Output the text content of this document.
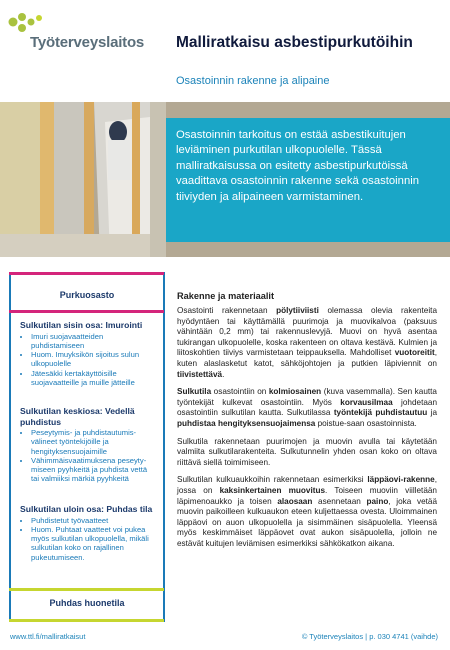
Työterveyslaitos Malliratkaisu asbestipurkutöihin
Osastoinnin rakenne ja alipaine

Osastoinnin tarkoitus on estää asbestikuitujen leviäminen purkutilan ulkopuolelle. Tässä malliratkaisussa on esitetty asbestipurkutöissä vaadittava osastoinnin rakenne sekä osastoinnin tiiviyden ja alipaineen varmistaminen.

Purkuosasto
Sulkutilan sisin osa: Imurointi
• Imuri suojavaatteiden puhdistamiseen
• Huom. Imuyksikön sijoitus sulun ulkopuolelle
• Jätesäkki kertakäyttöisille suojavaatteille ja muille jätteille
Sulkutilan keskiosa: Vedellä puhdistus
• Peseytymis- ja puhdistautumis-välineet työntekijöille ja hengityksensuojaimille
• Vähimmäisvaatimuksena peseyty-miseen pyyhkeitä ja puhdista vettä tai valmiiksi märkiä pyyhkeitä
Sulkutilan uloin osa: Puhdas tila
• Puhdistetut työvaatteet
• Huom. Puhtaat vaatteet voi pukea myös sulkutilan ulkopuolella, mikäli sulkutilan koko on rajallinen pukeutumiseen.
Puhdas huonetila
Rakenne ja materiaalit

Osastointi rakennetaan pölytiiviisti olemassa olevia rakenteita hyödyntäen tai käyttämällä puurimoja ja muovikalvoa (paksuus vähintään 0,2 mm) tai rakennuslevyjä. Muovi on hyvä asentaa tukirangan ulkopuolelle, koska rakenteen on oltava kestävä. Kulmien ja liitoskohtien tiiviys varmistetaan teippauksella. Mahdolliset vuotoreitit, kuten alaslasketut katot, sähköjohtojen ja putkien läpiviennit on tiivistettävä.

Sulkutila osastointiin on kolmiosainen (kuva vasemmalla). Sen kautta työntekijät kulkevat osastointiin. Myös korvausilmaa johdetaan osastointiin sulkutilan kautta. Sulkutilassa työntekijä puhdistautuu ja puhdistaa hengityksensuojaimensa poistue-saan osastoinnista.

Sulkutila rakennetaan puurimojen ja muovin avulla tai käytetään valmiita sulkutilarakenteita. Sulkutunnelin yhden osan koko on oltava riittävä siellä toimimiseen.

Sulkutilan kulkuaukkoihin rakennetaan esimerkiksi läppäovi-rakenne, jossa on kaksinkertainen muovitus. Toiseen muoviin viilletään läpimenoaukko ja toisen alaosaan asennetaan paino, joka vetää muovin paikoilleen kulkuaukon eteen kuljettaessa ovesta. Uloimmainen läppäovi on auon ulkopuolella ja sisimmäinen sisäpuolella. Yleensä myös keskimmäiset läppäovet ovat aukon sisäpuolella, jolloin ne estävät kuitujen leviämisen esimerkiksi sähkökatkon aikana.

www.ttl.fi/malliratkaisut	© Työterveyslaitos | p. 030 4741 (vaihde)
